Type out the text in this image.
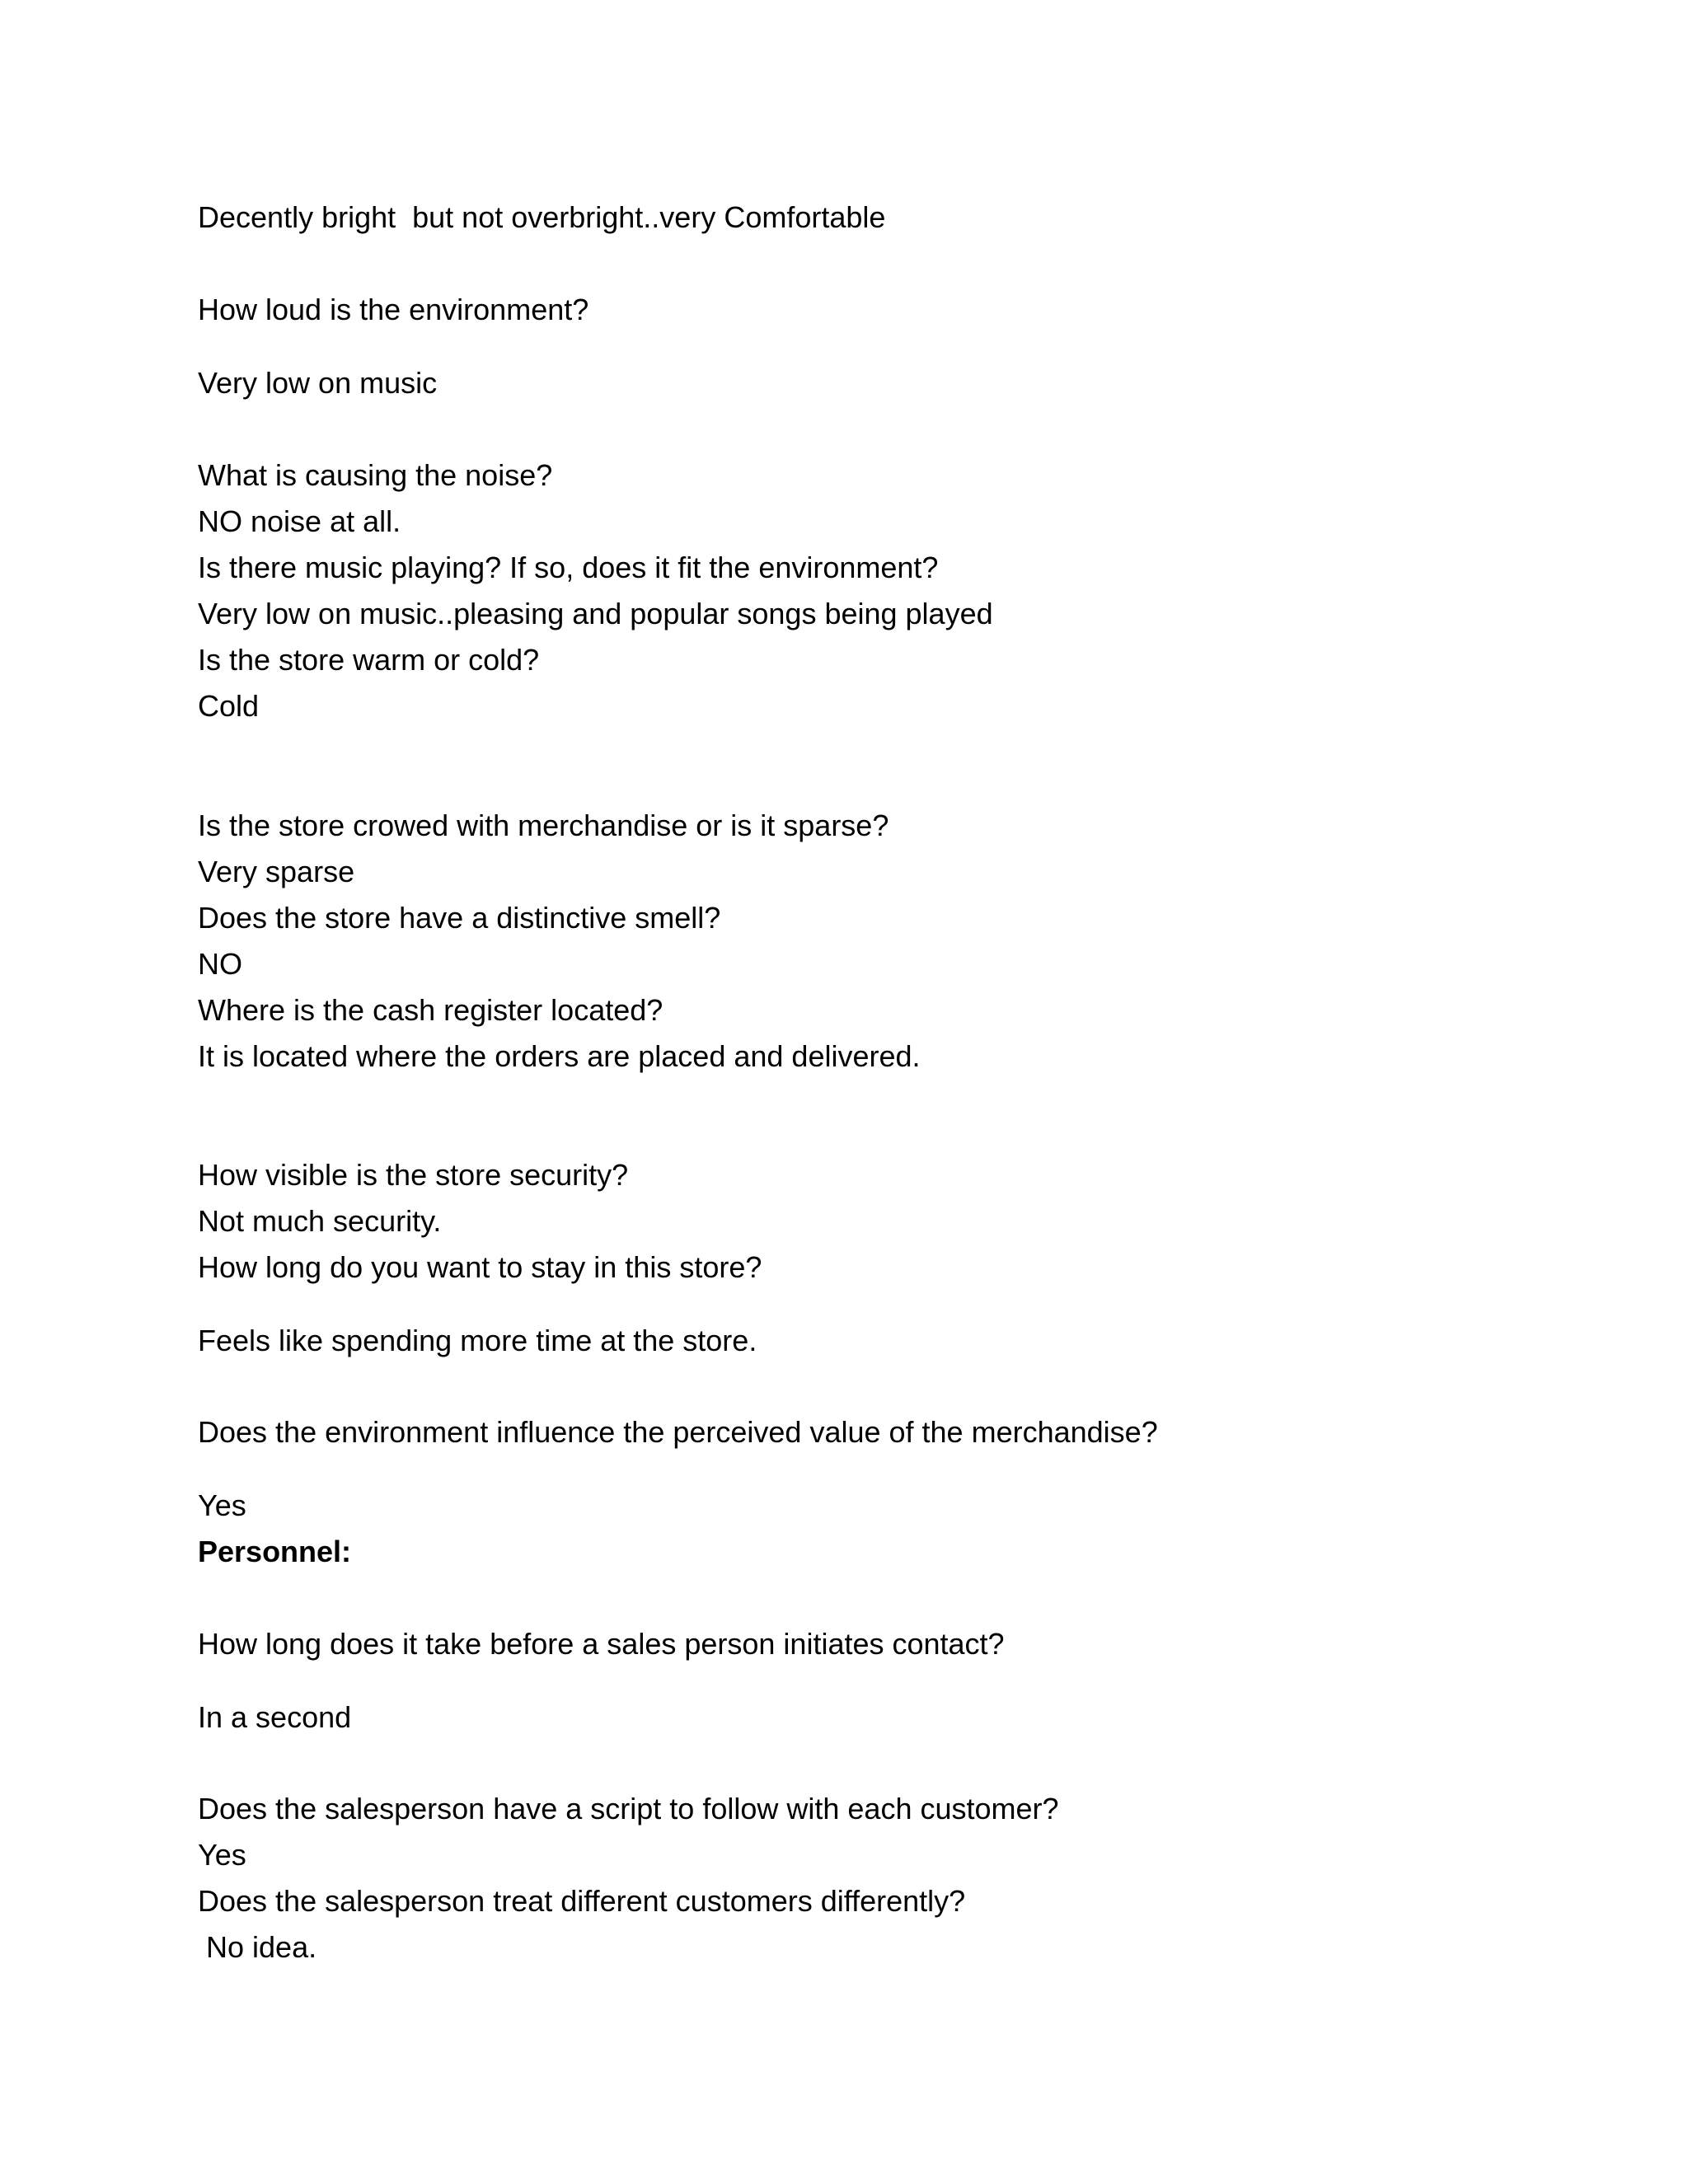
Decently bright  but not overbright..very Comfortable
How loud is the environment?
Very low on music
What is causing the noise?
NO noise at all.
Is there music playing? If so, does it fit the environment?
Very low on music..pleasing and popular songs being played
Is the store warm or cold?
Cold
Is the store crowed with merchandise or is it sparse?
Very sparse
Does the store have a distinctive smell?
NO
Where is the cash register located?
It is located where the orders are placed and delivered.
How visible is the store security?
Not much security.
How long do you want to stay in this store?
Feels like spending more time at the store.
Does the environment influence the perceived value of the merchandise?
Yes
Personnel:
How long does it take before a sales person initiates contact?
In a second
Does the salesperson have a script to follow with each customer?
Yes
Does the salesperson treat different customers differently?
No idea.
